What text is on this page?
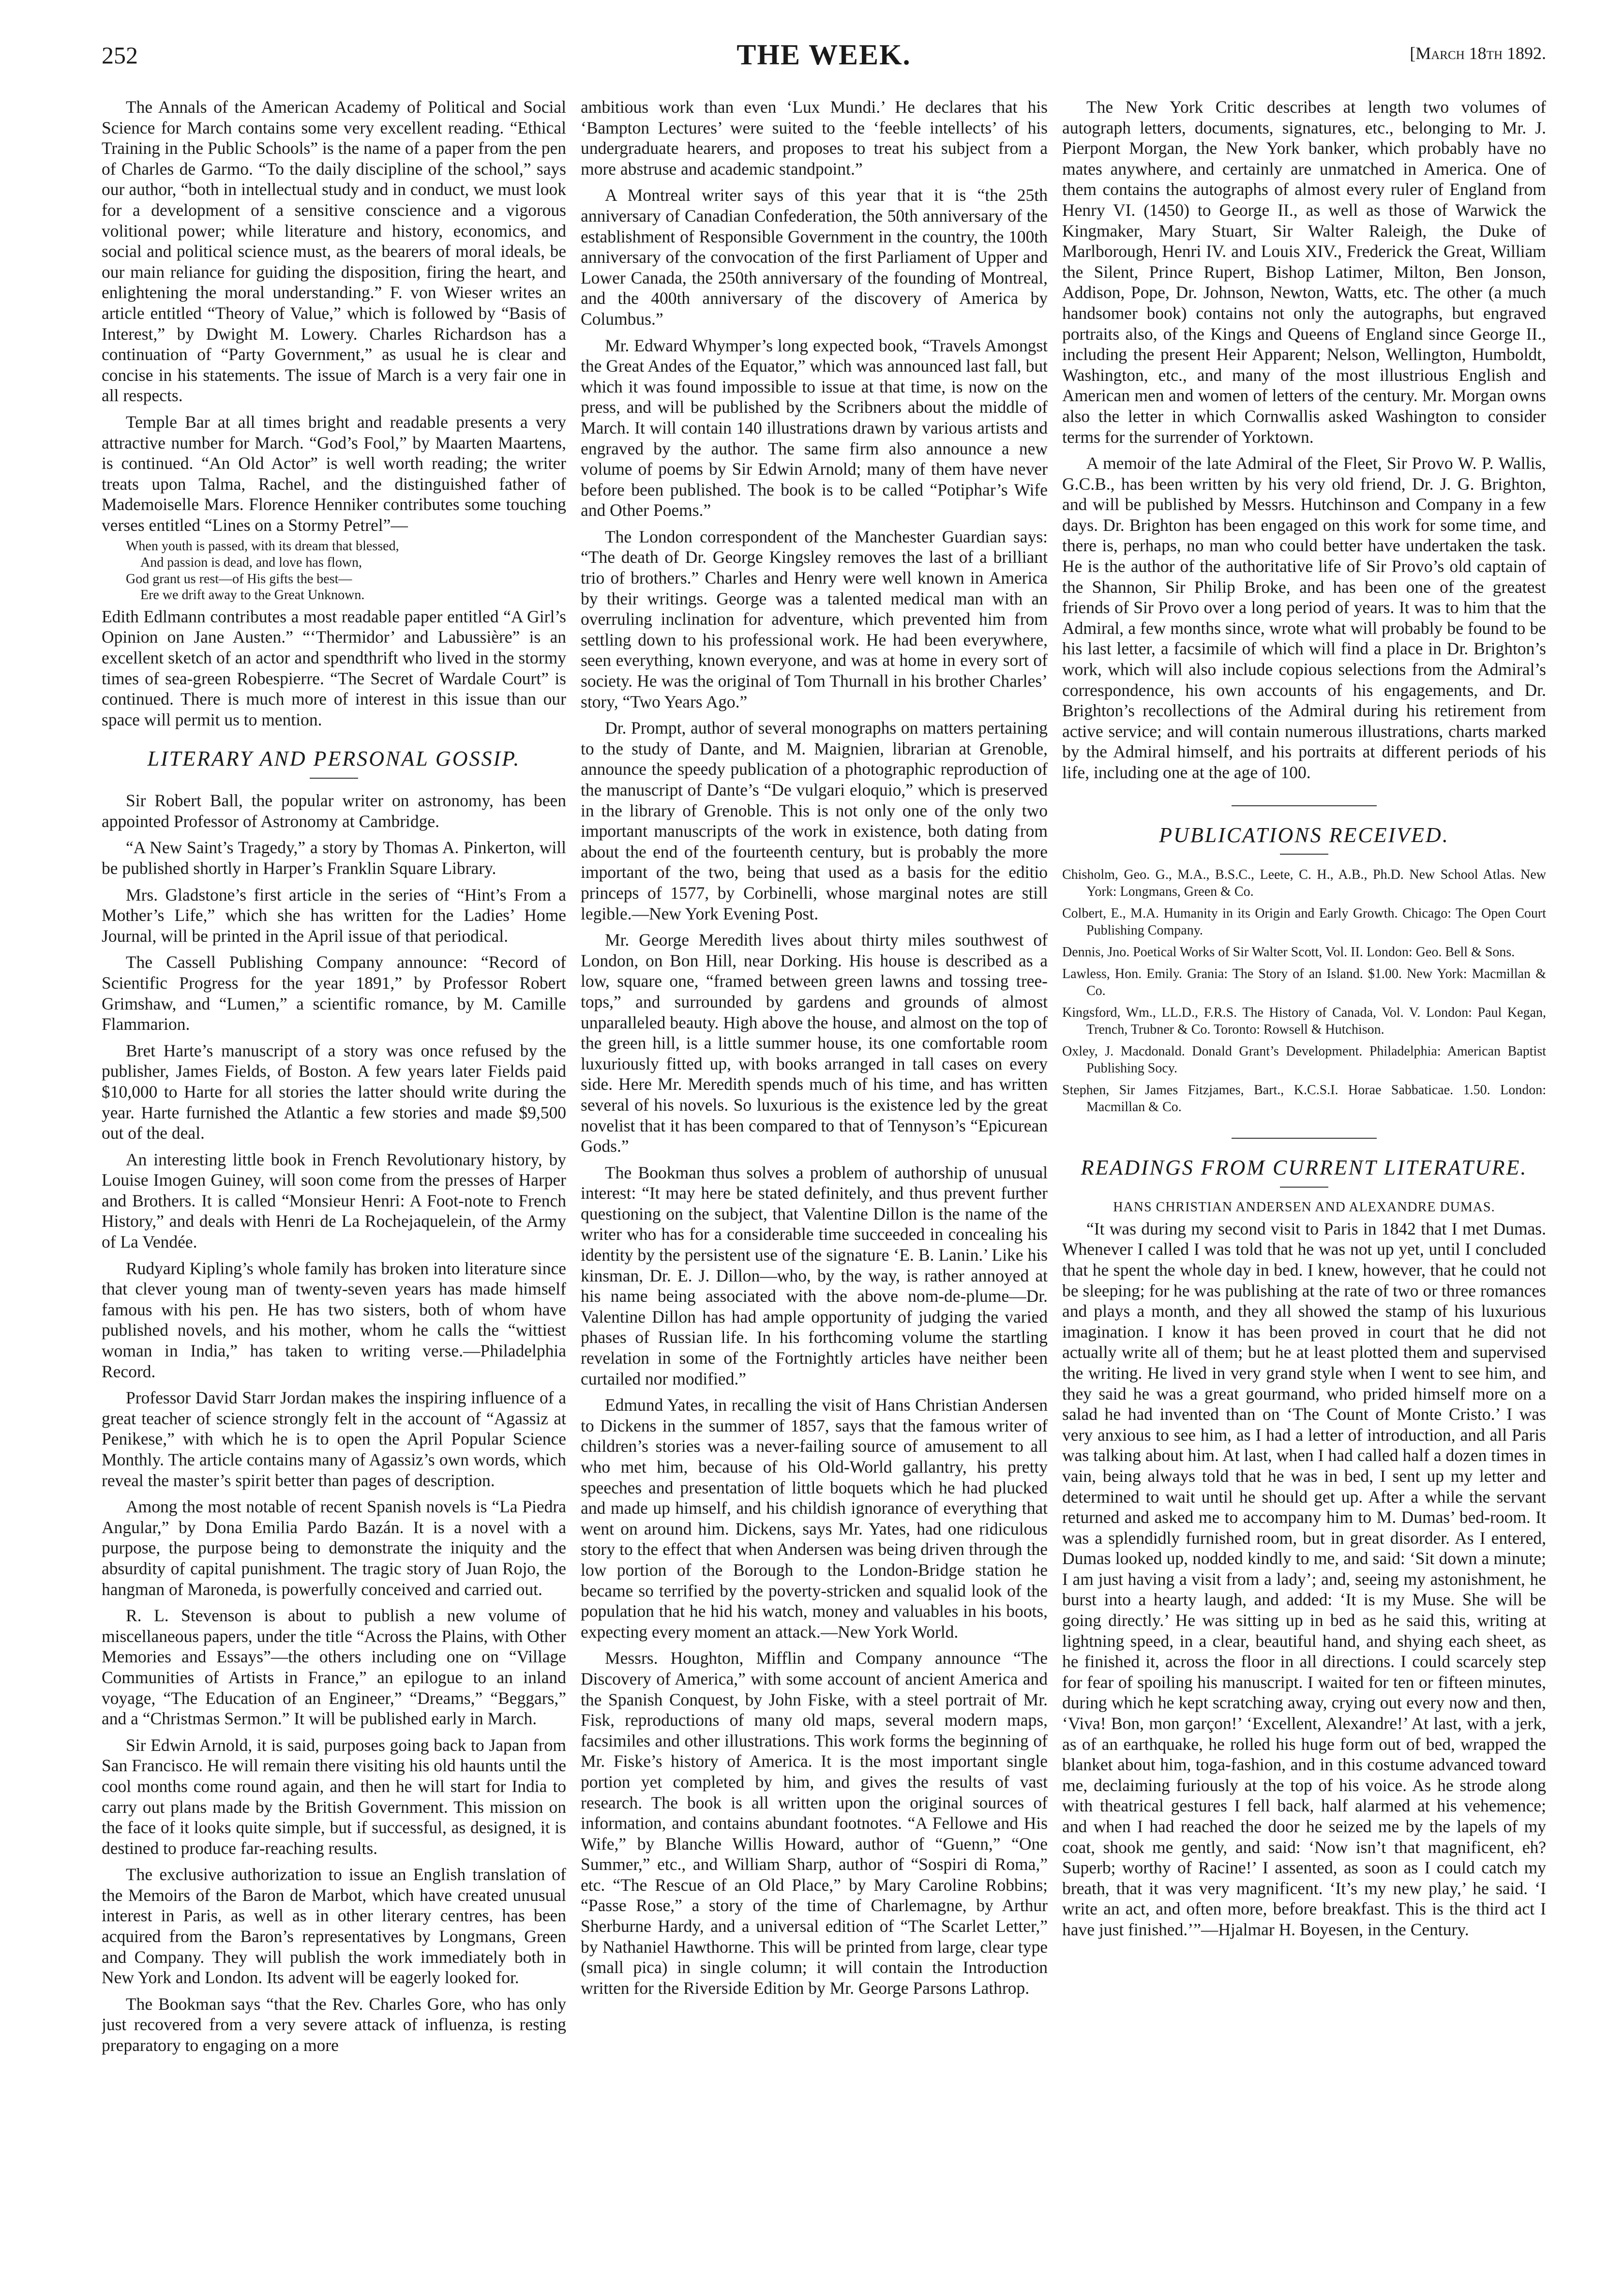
252	THE WEEK.	[March 18th 1892.

The Annals of the American Academy of Political and Social Science for March contains some very excellent reading. “Ethical Training in the Public Schools” is the name of a paper from the pen of Charles de Garmo. “To the daily discipline of the school,” says our author, “both in intellectual study and in conduct, we must look for a development of a sensitive conscience and a vigorous volitional power; while literature and history, economics, and social and political science must, as the bearers of moral ideals, be our main reliance for guiding the disposition, firing the heart, and enlightening the moral understanding.” F. von Wieser writes an article entitled “Theory of Value,” which is followed by “Basis of Interest,” by Dwight M. Lowery. Charles Richardson has a continuation of “Party Government,” as usual he is clear and concise in his statements. The issue of March is a very fair one in all respects.

Temple Bar at all times bright and readable presents a very attractive number for March. “God’s Fool,” by Maarten Maartens, is continued. “An Old Actor” is well worth reading; the writer treats upon Talma, Rachel, and the distinguished father of Mademoiselle Mars. Florence Henniker contributes some touching verses entitled “Lines on a Stormy Petrel”—

When youth is passed, with its dream that blessed,
And passion is dead, and love has flown,
God grant us rest—of His gifts the best—
Ere we drift away to the Great Unknown.

Edith Edlmann contributes a most readable paper entitled “A Girl’s Opinion on Jane Austen.” “‘Thermidor’ and Labussière” is an excellent sketch of an actor and spendthrift who lived in the stormy times of sea-green Robespierre. “The Secret of Wardale Court” is continued. There is much more of interest in this issue than our space will permit us to mention.

LITERARY AND PERSONAL GOSSIP.

Sir Robert Ball, the popular writer on astronomy, has been appointed Professor of Astronomy at Cambridge.

“A New Saint’s Tragedy,” a story by Thomas A. Pinkerton, will be published shortly in Harper’s Franklin Square Library.

Mrs. Gladstone’s first article in the series of “Hint’s From a Mother’s Life,” which she has written for the Ladies’ Home Journal, will be printed in the April issue of that periodical.

The Cassell Publishing Company announce: “Record of Scientific Progress for the year 1891,” by Professor Robert Grimshaw, and “Lumen,” a scientific romance, by M. Camille Flammarion.

Bret Harte’s manuscript of a story was once refused by the publisher, James Fields, of Boston. A few years later Fields paid $10,000 to Harte for all stories the latter should write during the year. Harte furnished the Atlantic a few stories and made $9,500 out of the deal.

An interesting little book in French Revolutionary history, by Louise Imogen Guiney, will soon come from the presses of Harper and Brothers. It is called “Monsieur Henri: A Foot-note to French History,” and deals with Henri de La Rochejaquelein, of the Army of La Vendée.

Rudyard Kipling’s whole family has broken into literature since that clever young man of twenty-seven years has made himself famous with his pen. He has two sisters, both of whom have published novels, and his mother, whom he calls the “wittiest woman in India,” has taken to writing verse.—Philadelphia Record.

Professor David Starr Jordan makes the inspiring influence of a great teacher of science strongly felt in the account of “Agassiz at Penikese,” with which he is to open the April Popular Science Monthly. The article contains many of Agassiz’s own words, which reveal the master’s spirit better than pages of description.

Among the most notable of recent Spanish novels is “La Piedra Angular,” by Dona Emilia Pardo Bazán. It is a novel with a purpose, the purpose being to demonstrate the iniquity and the absurdity of capital punishment. The tragic story of Juan Rojo, the hangman of Maroneda, is powerfully conceived and carried out.

R. L. Stevenson is about to publish a new volume of miscellaneous papers, under the title “Across the Plains, with Other Memories and Essays”—the others including one on “Village Communities of Artists in France,” an epilogue to an inland voyage, “The Education of an Engineer,” “Dreams,” “Beggars,” and a “Christmas Sermon.” It will be published early in March.

Sir Edwin Arnold, it is said, purposes going back to Japan from San Francisco. He will remain there visiting his old haunts until the cool months come round again, and then he will start for India to carry out plans made by the British Government. This mission on the face of it looks quite simple, but if successful, as designed, it is destined to produce far-reaching results.

The exclusive authorization to issue an English translation of the Memoirs of the Baron de Marbot, which have created unusual interest in Paris, as well as in other literary centres, has been acquired from the Baron’s representatives by Longmans, Green and Company. They will publish the work immediately both in New York and London. Its advent will be eagerly looked for.

The Bookman says “that the Rev. Charles Gore, who has only just recovered from a very severe attack of influenza, is resting preparatory to engaging on a more

ambitious work than even ‘Lux Mundi.’ He declares that his ‘Bampton Lectures’ were suited to the ‘feeble intellects’ of his undergraduate hearers, and proposes to treat his subject from a more abstruse and academic standpoint.”

A Montreal writer says of this year that it is “the 25th anniversary of Canadian Confederation, the 50th anniversary of the establishment of Responsible Government in the country, the 100th anniversary of the convocation of the first Parliament of Upper and Lower Canada, the 250th anniversary of the founding of Montreal, and the 400th anniversary of the discovery of America by Columbus.”

Mr. Edward Whymper’s long expected book, “Travels Amongst the Great Andes of the Equator,” which was announced last fall, but which it was found impossible to issue at that time, is now on the press, and will be published by the Scribners about the middle of March. It will contain 140 illustrations drawn by various artists and engraved by the author. The same firm also announce a new volume of poems by Sir Edwin Arnold; many of them have never before been published. The book is to be called “Potiphar’s Wife and Other Poems.”

The London correspondent of the Manchester Guardian says: “The death of Dr. George Kingsley removes the last of a brilliant trio of brothers.” Charles and Henry were well known in America by their writings. George was a talented medical man with an overruling inclination for adventure, which prevented him from settling down to his professional work. He had been everywhere, seen everything, known everyone, and was at home in every sort of society. He was the original of Tom Thurnall in his brother Charles’ story, “Two Years Ago.”

Dr. Prompt, author of several monographs on matters pertaining to the study of Dante, and M. Maignien, librarian at Grenoble, announce the speedy publication of a photographic reproduction of the manuscript of Dante’s “De vulgari eloquio,” which is preserved in the library of Grenoble. This is not only one of the only two important manuscripts of the work in existence, both dating from about the end of the fourteenth century, but is probably the more important of the two, being that used as a basis for the editio princeps of 1577, by Corbinelli, whose marginal notes are still legible.—New York Evening Post.

Mr. George Meredith lives about thirty miles southwest of London, on Bon Hill, near Dorking. His house is described as a low, square one, “framed between green lawns and tossing tree-tops,” and surrounded by gardens and grounds of almost unparalleled beauty. High above the house, and almost on the top of the green hill, is a little summer house, its one comfortable room luxuriously fitted up, with books arranged in tall cases on every side. Here Mr. Meredith spends much of his time, and has written several of his novels. So luxurious is the existence led by the great novelist that it has been compared to that of Tennyson’s “Epicurean Gods.”

The Bookman thus solves a problem of authorship of unusual interest: “It may here be stated definitely, and thus prevent further questioning on the subject, that Valentine Dillon is the name of the writer who has for a considerable time succeeded in concealing his identity by the persistent use of the signature ‘E. B. Lanin.’ Like his kinsman, Dr. E. J. Dillon—who, by the way, is rather annoyed at his name being associated with the above nom-de-plume—Dr. Valentine Dillon has had ample opportunity of judging the varied phases of Russian life. In his forthcoming volume the startling revelation in some of the Fortnightly articles have neither been curtailed nor modified.”

Edmund Yates, in recalling the visit of Hans Christian Andersen to Dickens in the summer of 1857, says that the famous writer of children’s stories was a never-failing source of amusement to all who met him, because of his Old-World gallantry, his pretty speeches and presentation of little boquets which he had plucked and made up himself, and his childish ignorance of everything that went on around him. Dickens, says Mr. Yates, had one ridiculous story to the effect that when Andersen was being driven through the low portion of the Borough to the London-Bridge station he became so terrified by the poverty-stricken and squalid look of the population that he hid his watch, money and valuables in his boots, expecting every moment an attack.—New York World.

Messrs. Houghton, Mifflin and Company announce “The Discovery of America,” with some account of ancient America and the Spanish Conquest, by John Fiske, with a steel portrait of Mr. Fisk, reproductions of many old maps, several modern maps, facsimiles and other illustrations. This work forms the beginning of Mr. Fiske’s history of America. It is the most important single portion yet completed by him, and gives the results of vast research. The book is all written upon the original sources of information, and contains abundant footnotes. “A Fellowe and His Wife,” by Blanche Willis Howard, author of “Guenn,” “One Summer,” etc., and William Sharp, author of “Sospiri di Roma,” etc. “The Rescue of an Old Place,” by Mary Caroline Robbins; “Passe Rose,” a story of the time of Charlemagne, by Arthur Sherburne Hardy, and a universal edition of “The Scarlet Letter,” by Nathaniel Hawthorne. This will be printed from large, clear type (small pica) in single column; it will contain the Introduction written for the Riverside Edition by Mr. George Parsons Lathrop.

The New York Critic describes at length two volumes of autograph letters, documents, signatures, etc., belonging to Mr. J. Pierpont Morgan, the New York banker, which probably have no mates anywhere, and certainly are unmatched in America. One of them contains the autographs of almost every ruler of England from Henry VI. (1450) to George II., as well as those of Warwick the Kingmaker, Mary Stuart, Sir Walter Raleigh, the Duke of Marlborough, Henri IV. and Louis XIV., Frederick the Great, William the Silent, Prince Rupert, Bishop Latimer, Milton, Ben Jonson, Addison, Pope, Dr. Johnson, Newton, Watts, etc. The other (a much handsomer book) contains not only the autographs, but engraved portraits also, of the Kings and Queens of England since George II., including the present Heir Apparent; Nelson, Wellington, Humboldt, Washington, etc., and many of the most illustrious English and American men and women of letters of the century. Mr. Morgan owns also the letter in which Cornwallis asked Washington to consider terms for the surrender of Yorktown.

A memoir of the late Admiral of the Fleet, Sir Provo W. P. Wallis, G.C.B., has been written by his very old friend, Dr. J. G. Brighton, and will be published by Messrs. Hutchinson and Company in a few days. Dr. Brighton has been engaged on this work for some time, and there is, perhaps, no man who could better have undertaken the task. He is the author of the authoritative life of Sir Provo’s old captain of the Shannon, Sir Philip Broke, and has been one of the greatest friends of Sir Provo over a long period of years. It was to him that the Admiral, a few months since, wrote what will probably be found to be his last letter, a facsimile of which will find a place in Dr. Brighton’s work, which will also include copious selections from the Admiral’s correspondence, his own accounts of his engagements, and Dr. Brighton’s recollections of the Admiral during his retirement from active service; and will contain numerous illustrations, charts marked by the Admiral himself, and his portraits at different periods of his life, including one at the age of 100.

PUBLICATIONS RECEIVED.
Chisholm, Geo. G., M.A., B.S.C., Leete, C. H., A.B., Ph.D. New School Atlas. New York: Longmans, Green & Co.
Colbert, E., M.A. Humanity in its Origin and Early Growth. Chicago: The Open Court Publishing Company.
Dennis, Jno. Poetical Works of Sir Walter Scott, Vol. II. London: Geo. Bell & Sons.
Lawless, Hon. Emily. Grania: The Story of an Island. $1.00. New York: Macmillan & Co.
Kingsford, Wm., LL.D., F.R.S. The History of Canada, Vol. V. London: Paul Kegan, Trench, Trubner & Co. Toronto: Rowsell & Hutchison.
Oxley, J. Macdonald. Donald Grant’s Development. Philadelphia: American Baptist Publishing Socy.
Stephen, Sir James Fitzjames, Bart., K.C.S.I. Horae Sabbaticae. 1.50. London: Macmillan & Co.
READINGS FROM CURRENT LITERATURE.
HANS CHRISTIAN ANDERSEN AND ALEXANDRE DUMAS.

“It was during my second visit to Paris in 1842 that I met Dumas. Whenever I called I was told that he was not up yet, until I concluded that he spent the whole day in bed. I knew, however, that he could not be sleeping; for he was publishing at the rate of two or three romances and plays a month, and they all showed the stamp of his luxurious imagination. I know it has been proved in court that he did not actually write all of them; but he at least plotted them and supervised the writing. He lived in very grand style when I went to see him, and they said he was a great gourmand, who prided himself more on a salad he had invented than on ‘The Count of Monte Cristo.’ I was very anxious to see him, as I had a letter of introduction, and all Paris was talking about him. At last, when I had called half a dozen times in vain, being always told that he was in bed, I sent up my letter and determined to wait until he should get up. After a while the servant returned and asked me to accompany him to M. Dumas’ bed-room. It was a splendidly furnished room, but in great disorder. As I entered, Dumas looked up, nodded kindly to me, and said: ‘Sit down a minute; I am just having a visit from a lady’; and, seeing my astonishment, he burst into a hearty laugh, and added: ‘It is my Muse. She will be going directly.’ He was sitting up in bed as he said this, writing at lightning speed, in a clear, beautiful hand, and shying each sheet, as he finished it, across the floor in all directions. I could scarcely step for fear of spoiling his manuscript. I waited for ten or fifteen minutes, during which he kept scratching away, crying out every now and then, ‘Viva! Bon, mon garçon!’ ‘Excellent, Alexandre!’ At last, with a jerk, as of an earthquake, he rolled his huge form out of bed, wrapped the blanket about him, toga-fashion, and in this costume advanced toward me, declaiming furiously at the top of his voice. As he strode along with theatrical gestures I fell back, half alarmed at his vehemence; and when I had reached the door he seized me by the lapels of my coat, shook me gently, and said: ‘Now isn’t that magnificent, eh? Superb; worthy of Racine!’ I assented, as soon as I could catch my breath, that it was very magnificent. ‘It’s my new play,’ he said. ‘I write an act, and often more, before breakfast. This is the third act I have just finished.’”—Hjalmar H. Boyesen, in the Century.
